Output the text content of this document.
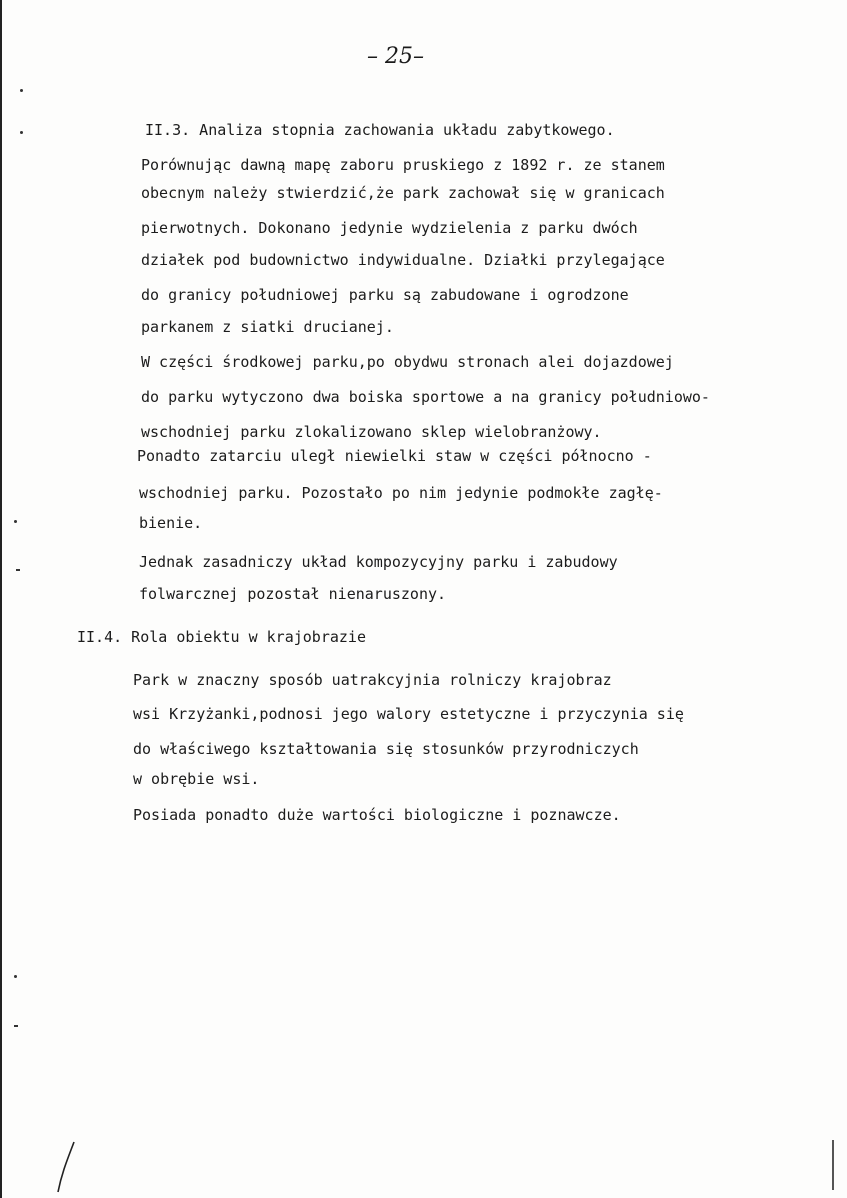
– 25–
II.3. Analiza stopnia zachowania układu zabytkowego.
Porównując dawną mapę zaboru pruskiego z 1892 r. ze stanem
obecnym należy stwierdzić,że park zachował się w granicach
pierwotnych. Dokonano jedynie wydzielenia z parku dwóch
działek pod budownictwo indywidualne. Działki przylegające
do granicy południowej parku są zabudowane i ogrodzone
parkanem z siatki drucianej.
W części środkowej parku,po obydwu stronach alei dojazdowej
do parku wytyczono dwa boiska sportowe a na granicy południowo-
wschodniej parku zlokalizowano sklep wielobranżowy.
Ponadto zatarciu uległ niewielki staw w części północno -
wschodniej parku. Pozostało po nim jedynie podmokłe zagłę-
bienie.
Jednak zasadniczy układ kompozycyjny parku i zabudowy
folwarcznej pozostał nienaruszony.
II.4. Rola obiektu w krajobrazie
Park w znaczny sposób uatrakcyjnia rolniczy krajobraz
wsi Krzyżanki,podnosi jego walory estetyczne i przyczynia się
do właściwego kształtowania się stosunków przyrodniczych
w obrębie wsi.
Posiada ponadto duże wartości biologiczne i poznawcze.
